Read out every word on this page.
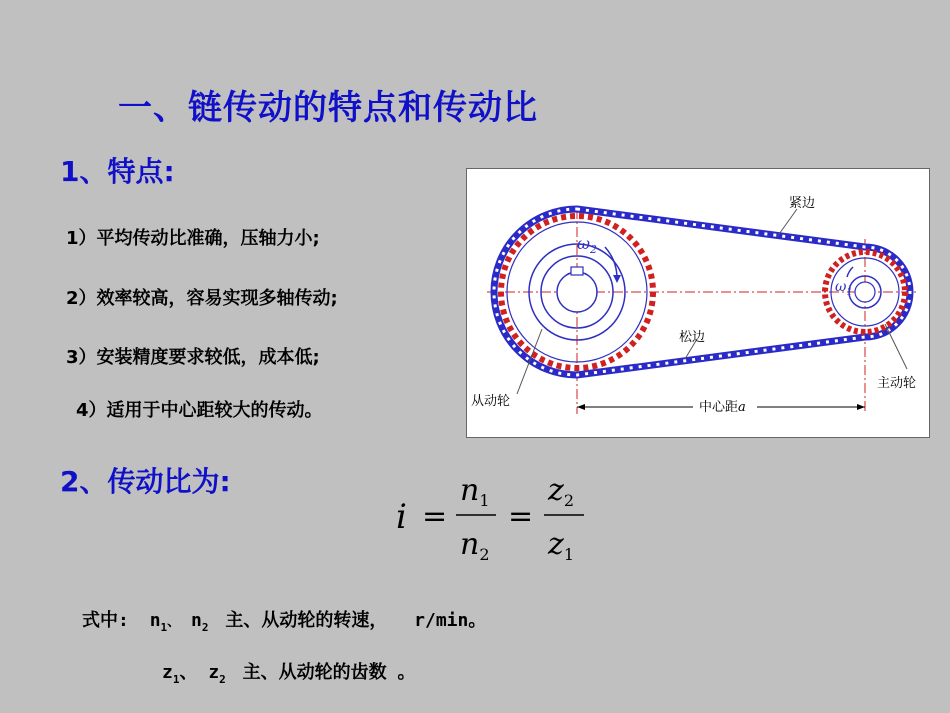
一、链传动的特点和传动比
1、特点:
1）平均传动比准确，压轴力小;
2）效率较高，容易实现多轴传动;
3）安装精度要求较低，成本低;
4）适用于中心距较大的传动。
$\omega_2$
$\omega_1$
紧边
松边
从动轮
主动轮
中心距a
2、传动比为:
i =
$n_1$
$n_2$
=
$z_2$
$z_1$
式中: $n_1$、 $n_2$ 主、从动轮的转速， r/min。
$z_1$、 $z_2$ 主、从动轮的齿数 。
